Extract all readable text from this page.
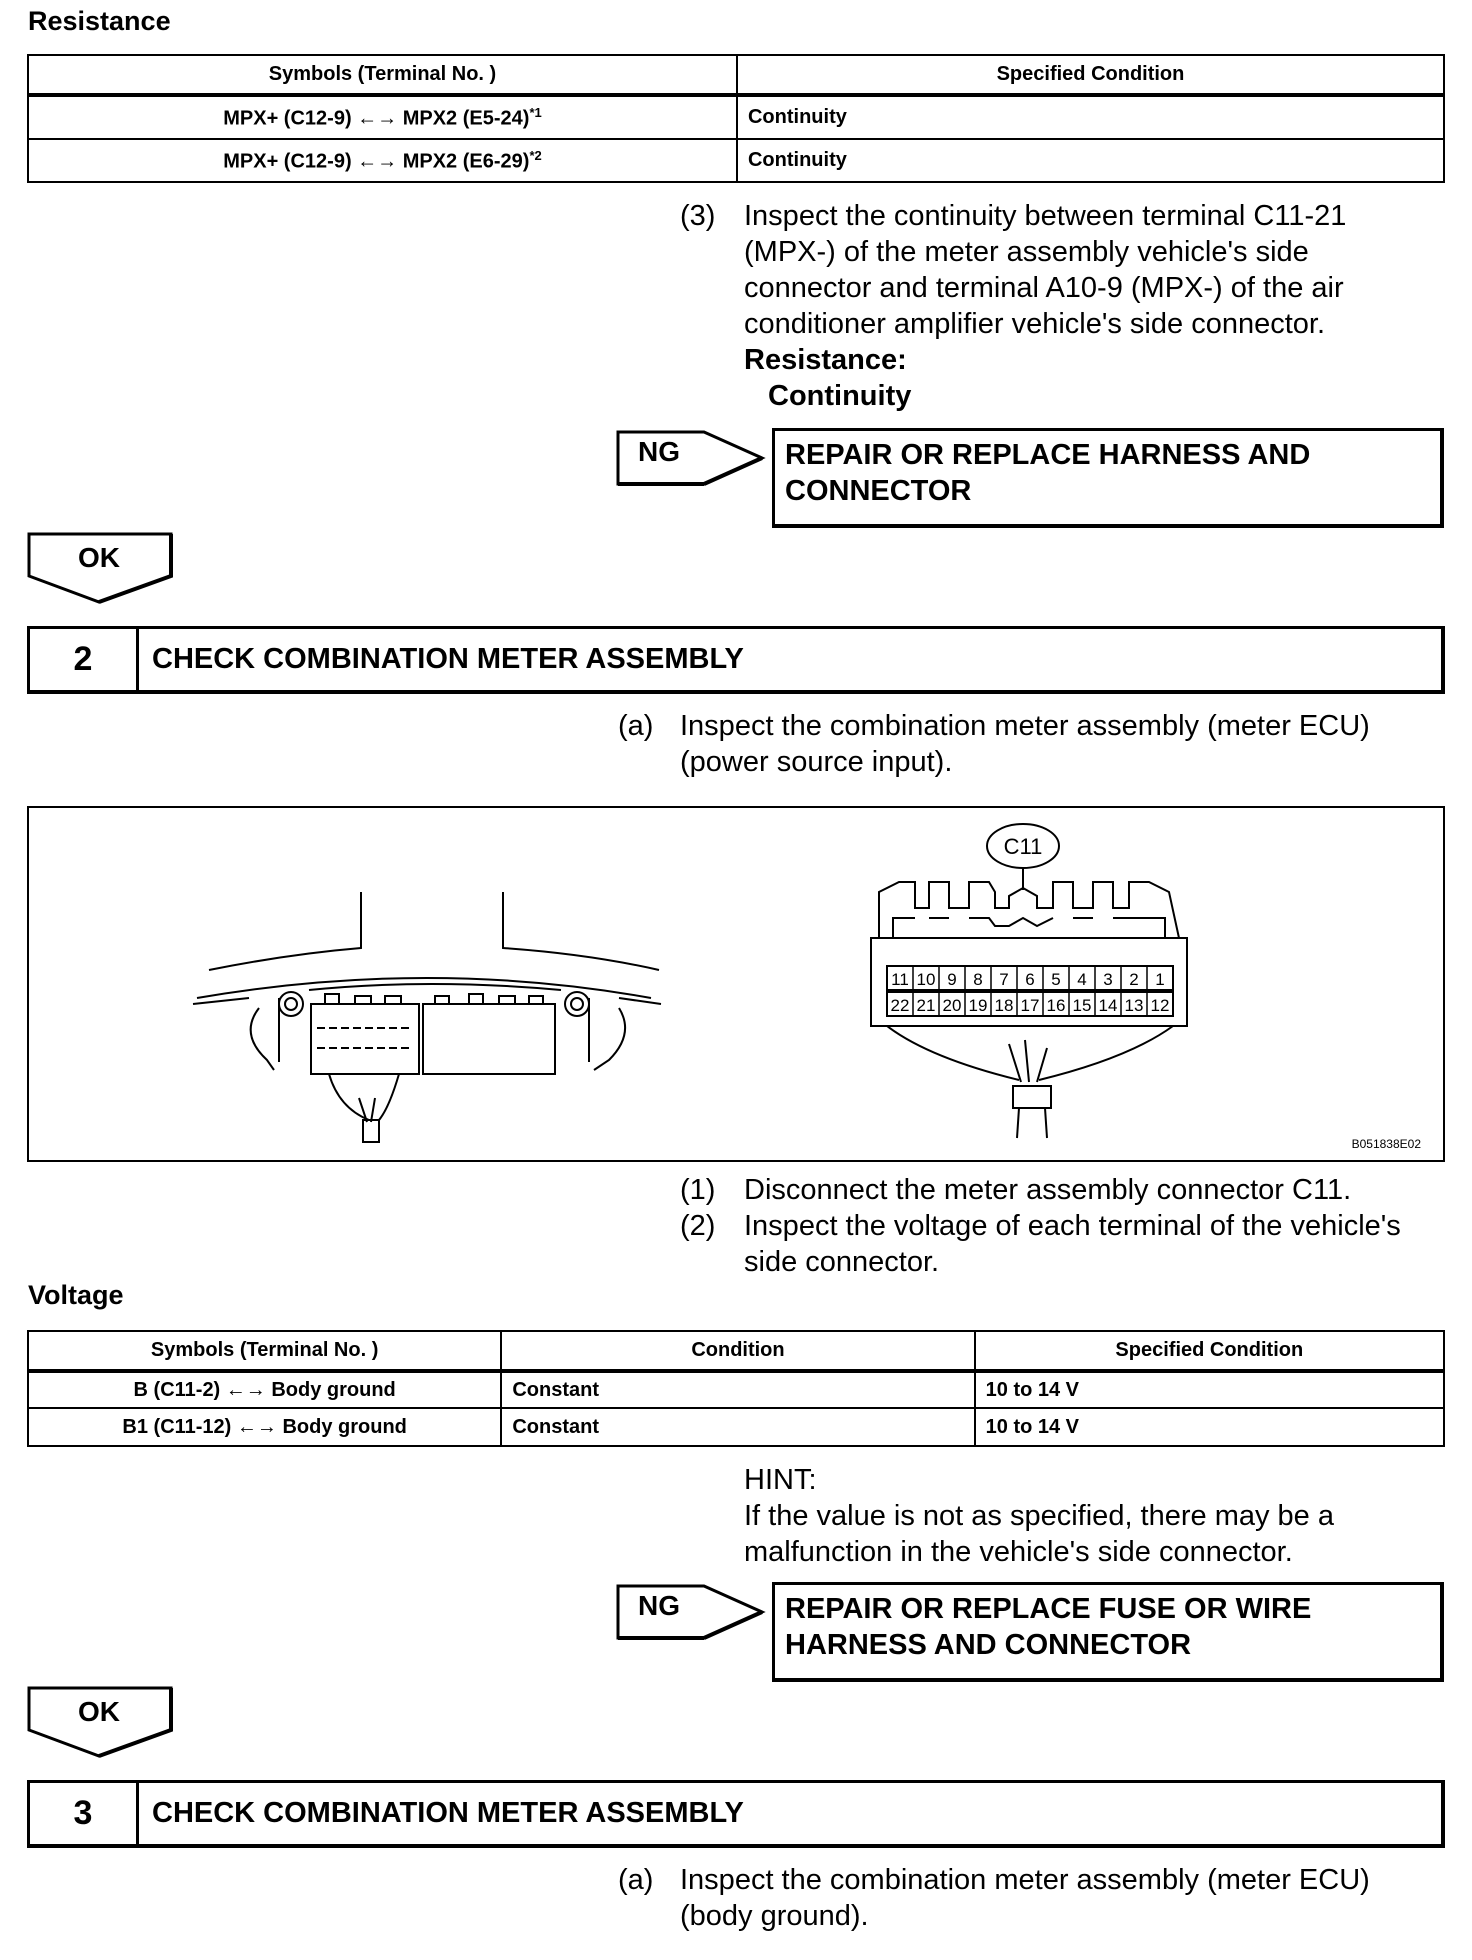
Resistance
Symbols (Terminal No. )	Specified Condition
MPX+ (C12-9) ←→ MPX2 $(E5-24)^{*1}$	Continuity
MPX+ (C12-9) ←→ MPX2 $(E6-29)^{*2}$	Continuity
(3) Inspect the continuity between terminal C11-21 (MPX-) of the meter assembly vehicle's side connector and terminal A10-9 (MPX-) of the air conditioner amplifier vehicle's side connector.
Resistance:
Continuity
NG	REPAIR OR REPLACE HARNESS AND CONNECTOR
OK
2	CHECK COMBINATION METER ASSEMBLY
(a) Inspect the combination meter assembly (meter ECU) (power source input).
11 10 9 8 7 6 5 4 3 2 1
22 21 20 19 18 17 16 15 14 13 12
C11
B051838E02
(1) Disconnect the meter assembly connector C11.
(2) Inspect the voltage of each terminal of the vehicle's side connector.
Voltage
Symbols (Terminal No. )	Condition	Specified Condition
B (C11-2) ←→ Body ground	Constant	10 to 14 V
B1 (C11-12) ←→ Body ground	Constant	10 to 14 V
HINT:
If the value is not as specified, there may be a malfunction in the vehicle's side connector.
NG	REPAIR OR REPLACE FUSE OR WIRE HARNESS AND CONNECTOR
OK
3	CHECK COMBINATION METER ASSEMBLY
(a) Inspect the combination meter assembly (meter ECU) (body ground).
